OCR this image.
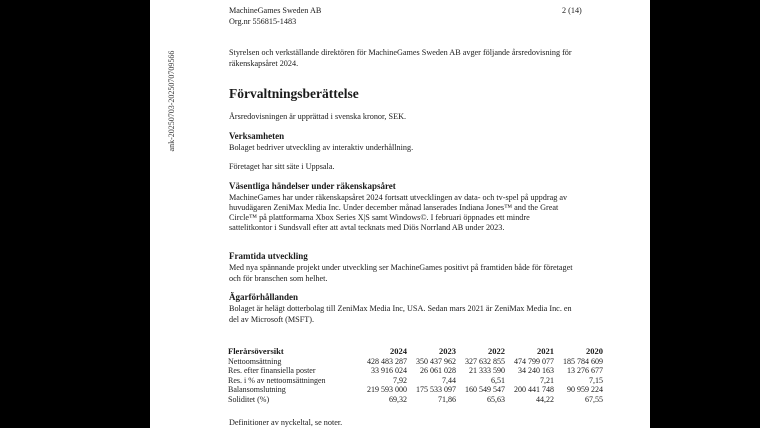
ank-20250703-2025070709566
MachineGames Sweden AB
Org.nr 556815-1483
2 (14)
Styrelsen och verkställande direktören för MachineGames Sweden AB avger följande årsredovisning för
räkenskapsåret 2024.
Förvaltningsberättelse
Årsredovisningen är upprättad i svenska kronor, SEK.
Verksamheten
Bolaget bedriver utveckling av interaktiv underhållning.
Företaget har sitt säte i Uppsala.
Väsentliga händelser under räkenskapsåret
MachineGames har under räkenskapsåret 2024 fortsatt utvecklingen av data- och tv-spel på uppdrag av
huvudägaren ZeniMax Media Inc. Under december månad lanserades Indiana Jones™ and the Great
Circle™ på plattformarna Xbox Series X|S samt Windows©. I februari öppnades ett mindre
sattelitkontor i Sundsvall efter att avtal tecknats med Diös Norrland AB under 2023.
Framtida utveckling
Med nya spännande projekt under utveckling ser MachineGames positivt på framtiden både för företaget
och för branschen som helhet.
Ägarförhållanden
Bolaget är helägt dotterbolag till ZeniMax Media Inc, USA. Sedan mars 2021 är ZeniMax Media Inc. en
del av Microsoft (MSFT).
Flerårsöversikt	2024	2023	2022	2021	2020
Nettoomsättning	428 483 287	350 437 962	327 632 855	474 799 077	185 784 609
Res. efter finansiella poster	33 916 024	26 061 028	21 333 590	34 240 163	13 276 677
Res. i % av nettoomsättningen	7,92	7,44	6,51	7,21	7,15
Balansomslutning	219 593 000	175 533 097	160 549 547	200 441 748	90 959 224
Soliditet (%)	69,32	71,86	65,63	44,22	67,55
Definitioner av nyckeltal, se noter.
